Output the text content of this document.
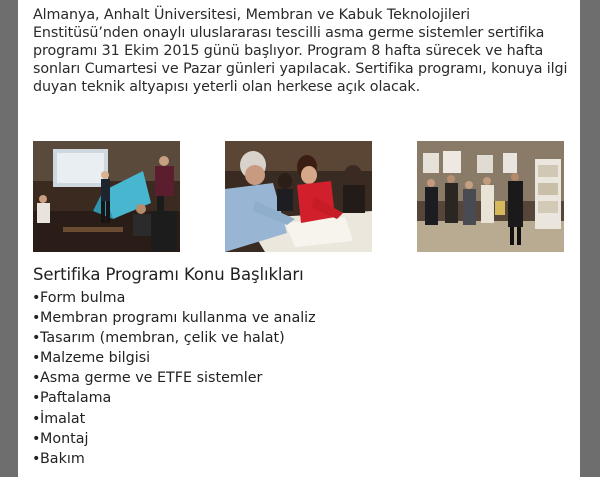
Almanya, Anhalt Üniversitesi, Membran ve Kabuk Teknolojileri Enstitüsü’nden onaylı uluslararası tescilli asma germe sistemler sertifika programı 31 Ekim 2015 günü başlıyor. Program 8 hafta sürecek ve hafta sonları Cumartesi ve Pazar günleri yapılacak. Sertifika programı, konuya ilgi duyan teknik altyapısı yeterli olan herkese açık olacak.

Sertifika Programı Konu Başlıkları
• Form bulma
• Membran programı kullanma ve analiz
• Tasarım (membran, çelik ve halat)
• Malzeme bilgisi
• Asma germe ve ETFE sistemler
• Paftalama
• İmalat
• Montaj
• Bakım
